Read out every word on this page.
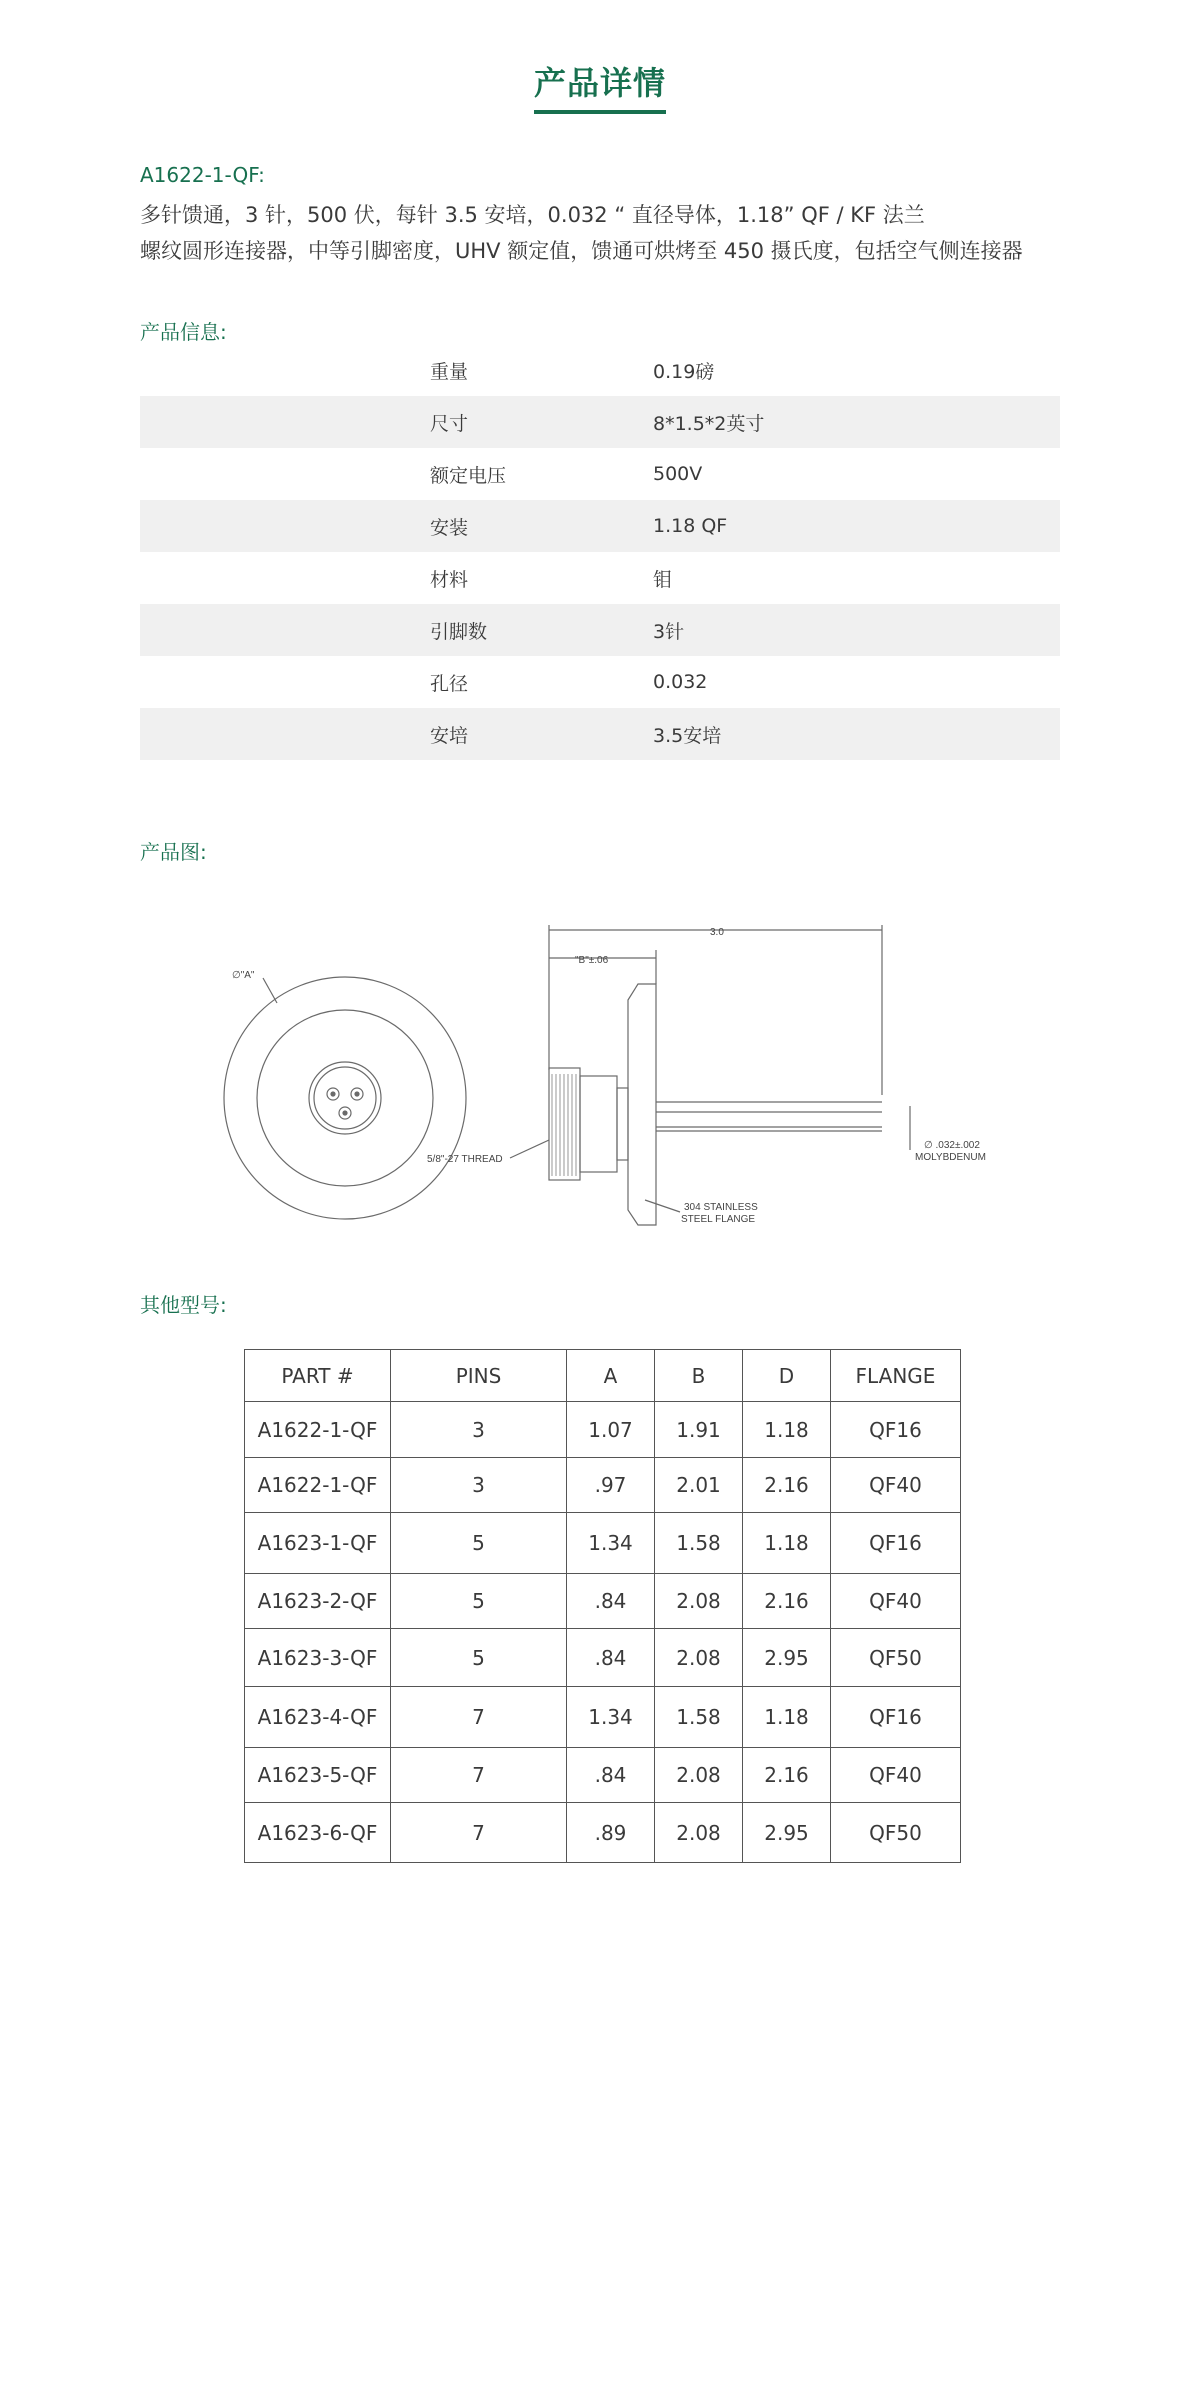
产品详情
A1622-1-QF:
多针馈通，3 针，500 伏，每针 3.5 安培，0.032 “ 直径导体，1.18” QF / KF 法兰
螺纹圆形连接器，中等引脚密度，UHV 额定值，馈通可烘烤至 450 摄氏度，包括空气侧连接器
产品信息:
重量	0.19磅
尺寸	8*1.5*2英寸
额定电压	500V
安装	1.18 QF
材料	钼
引脚数	3针
孔径	0.032
安培	3.5安培
产品图:
∅"A"
3.0
"B"±.06
5/8"-27 THREAD
∅ .032±.002
MOLYBDENUM
304 STAINLESS
STEEL FLANGE
其他型号:
PART #	PINS	A	B	D	FLANGE
A1622-1-QF	3	1.07	1.91	1.18	QF16
A1622-1-QF	3	.97	2.01	2.16	QF40
A1623-1-QF	5	1.34	1.58	1.18	QF16
A1623-2-QF	5	.84	2.08	2.16	QF40
A1623-3-QF	5	.84	2.08	2.95	QF50
A1623-4-QF	7	1.34	1.58	1.18	QF16
A1623-5-QF	7	.84	2.08	2.16	QF40
A1623-6-QF	7	.89	2.08	2.95	QF50
